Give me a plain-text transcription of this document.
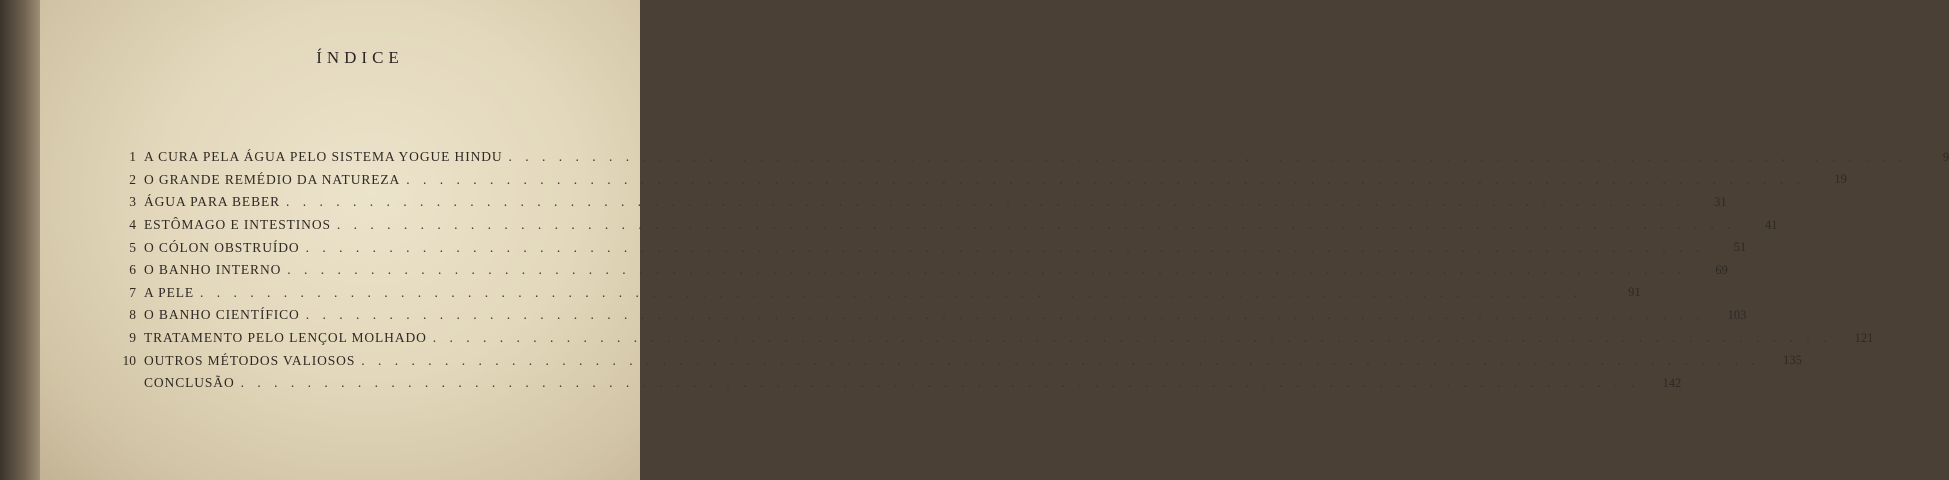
ÍNDICE
1 A CURA PELA ÁGUA PELO SISTEMA YOGUE HINDU . . . . . . . . . . . . . . . . . . . . . . . . . . . . . . . . . . . . . . . . . . . . . . . . . . . . . . . . . . . . . . . . . . . . . . . . . . . . . . . . . . . .	9
2 O GRANDE REMÉDIO DA NATUREZA . . . . . . . . . . . . . . . . . . . . . . . . . . . . . . . . . . . . . . . . . . . . . . . . . . . . . . . . . . . . . . . . . . . . . . . . . . . . . . . . . . . .	19
3 ÁGUA PARA BEBER . . . . . . . . . . . . . . . . . . . . . . . . . . . . . . . . . . . . . . . . . . . . . . . . . . . . . . . . . . . . . . . . . . . . . . . . . . . . . . . . . . . .	31
4 ESTÔMAGO E INTESTINOS . . . . . . . . . . . . . . . . . . . . . . . . . . . . . . . . . . . . . . . . . . . . . . . . . . . . . . . . . . . . . . . . . . . . . . . . . . . . . . . . . . . .	41
5 O CÓLON OBSTRUÍDO . . . . . . . . . . . . . . . . . . . . . . . . . . . . . . . . . . . . . . . . . . . . . . . . . . . . . . . . . . . . . . . . . . . . . . . . . . . . . . . . . . . .	51
6 O BANHO INTERNO . . . . . . . . . . . . . . . . . . . . . . . . . . . . . . . . . . . . . . . . . . . . . . . . . . . . . . . . . . . . . . . . . . . . . . . . . . . . . . . . . . . .	69
7 A PELE . . . . . . . . . . . . . . . . . . . . . . . . . . . . . . . . . . . . . . . . . . . . . . . . . . . . . . . . . . . . . . . . . . . . . . . . . . . . . . . . . . . .	91
8 O BANHO CIENTÍFICO . . . . . . . . . . . . . . . . . . . . . . . . . . . . . . . . . . . . . . . . . . . . . . . . . . . . . . . . . . . . . . . . . . . . . . . . . . . . . . . . . . . .	103
9 TRATAMENTO PELO LENÇOL MOLHADO . . . . . . . . . . . . . . . . . . . . . . . . . . . . . . . . . . . . . . . . . . . . . . . . . . . . . . . . . . . . . . . . . . . . . . . . . . . . . . . . . . . .	121
10 OUTROS MÉTODOS VALIOSOS . . . . . . . . . . . . . . . . . . . . . . . . . . . . . . . . . . . . . . . . . . . . . . . . . . . . . . . . . . . . . . . . . . . . . . . . . . . . . . . . . . . .	135
CONCLUSÃO . . . . . . . . . . . . . . . . . . . . . . . . . . . . . . . . . . . . . . . . . . . . . . . . . . . . . . . . . . . . . . . . . . . . . . . . . . . . . . . . . . . .	142
